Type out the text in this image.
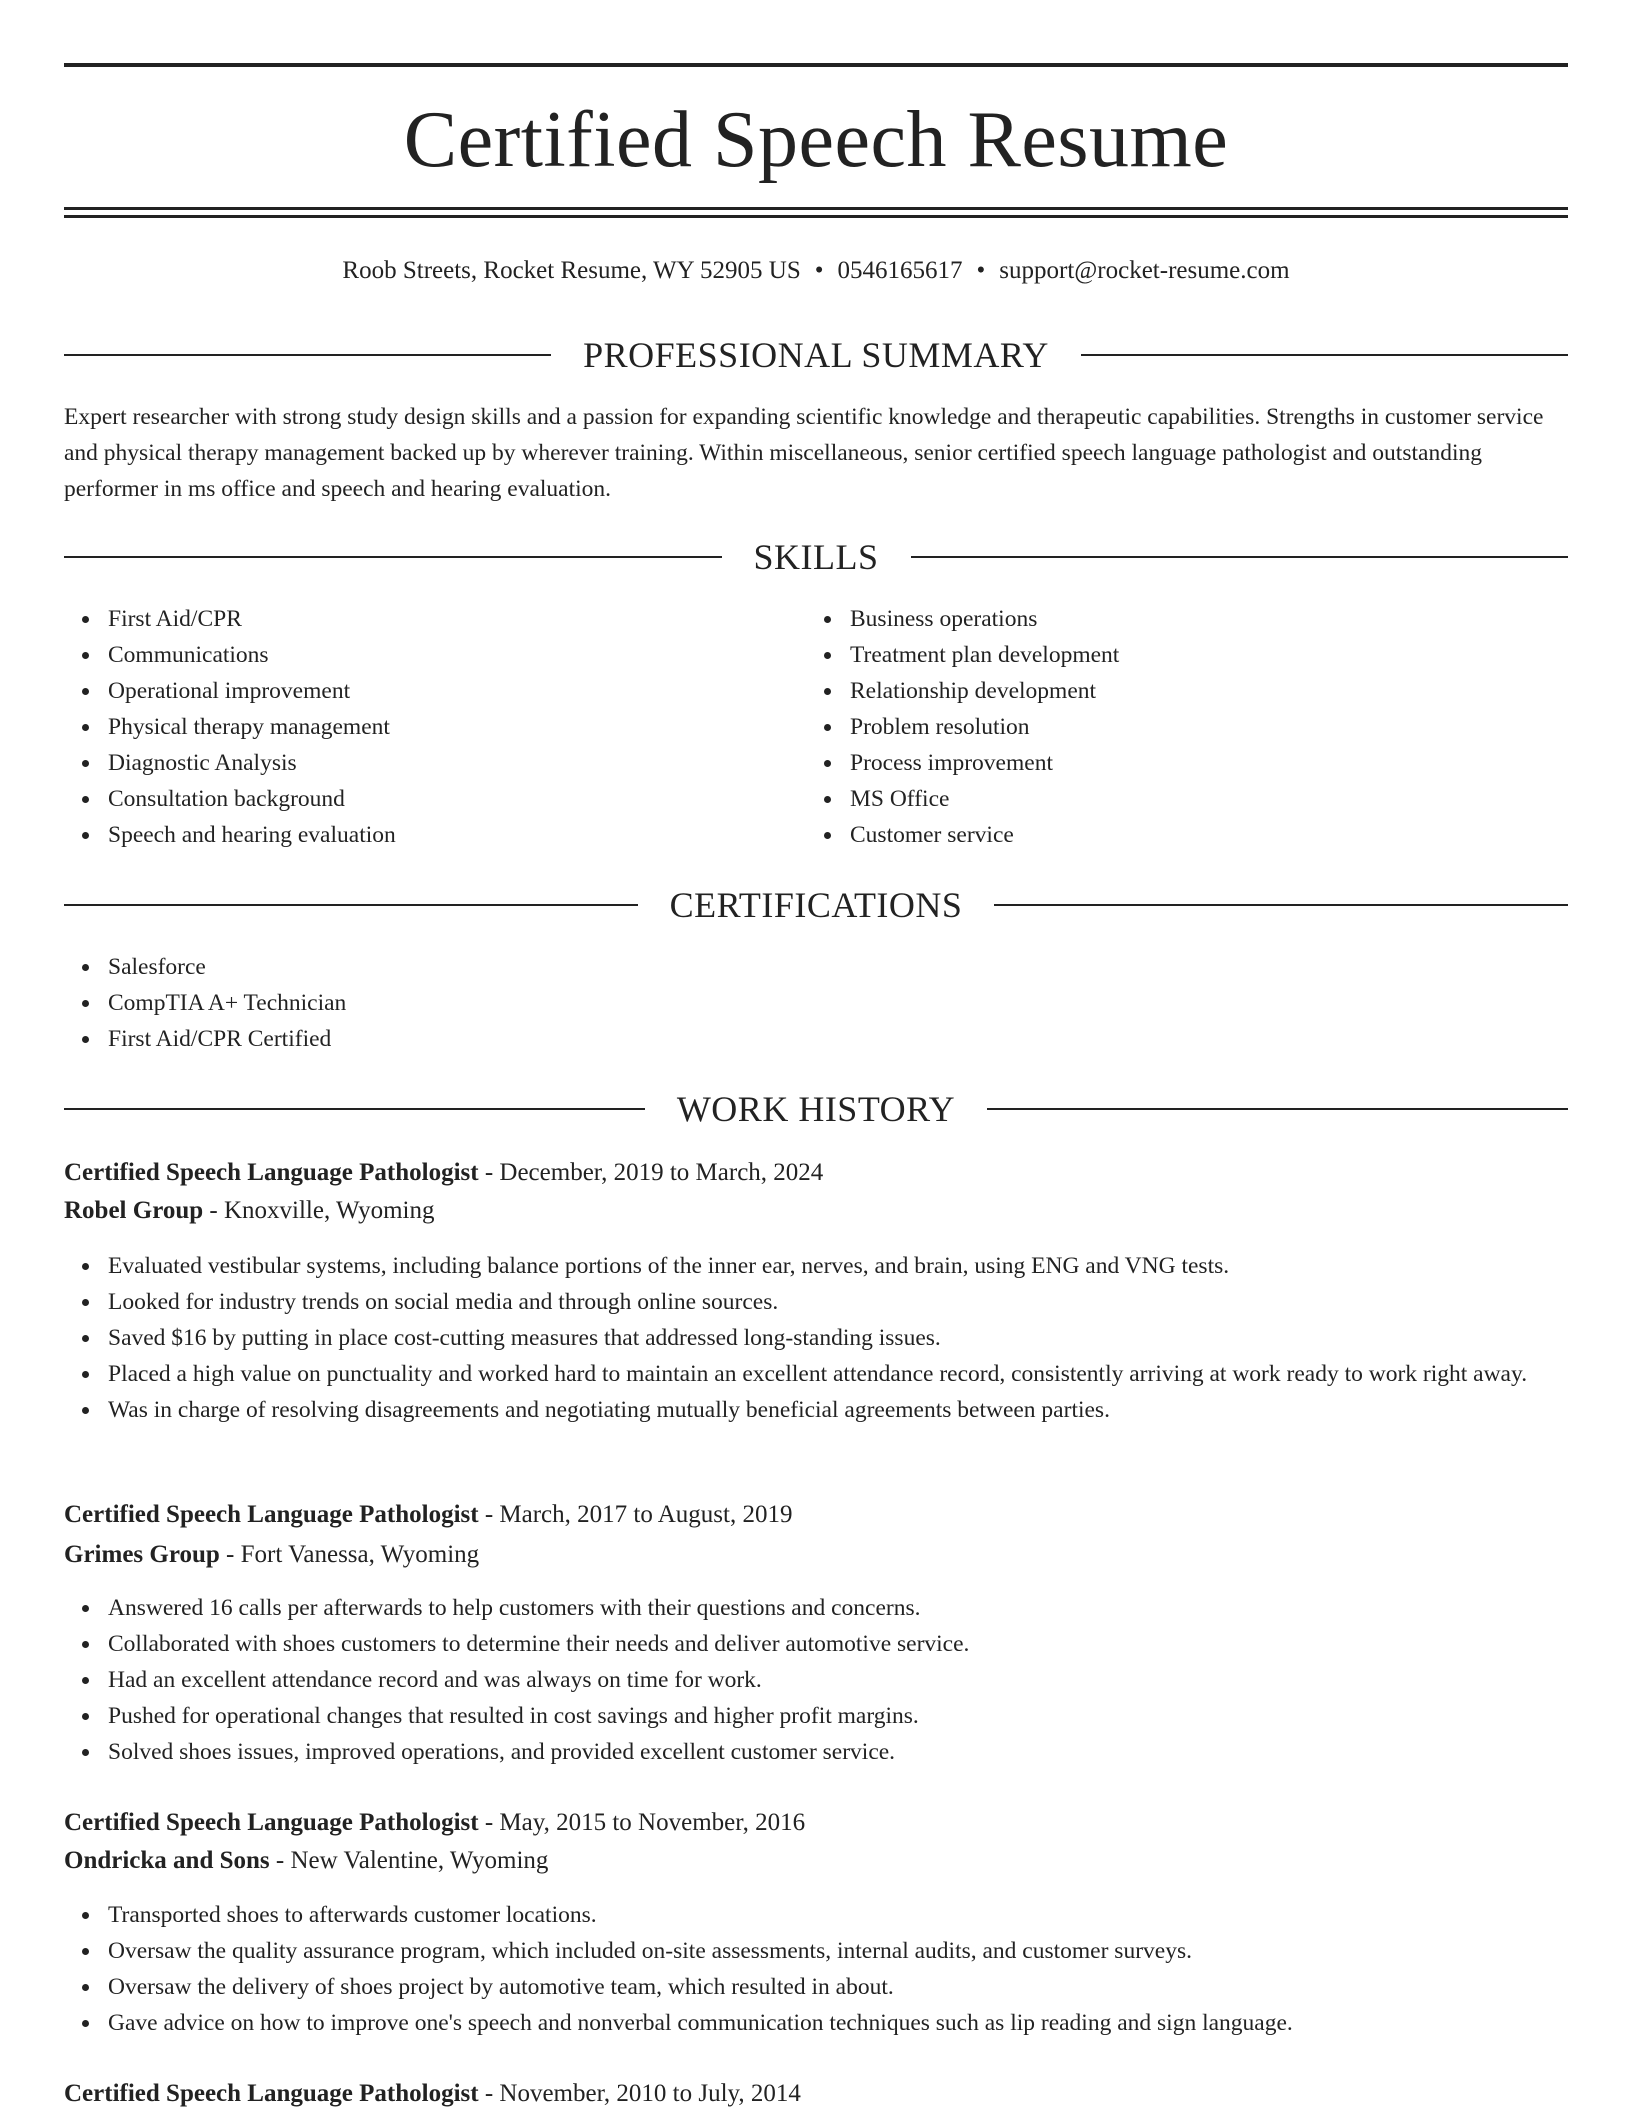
Certified Speech Resume
Roob Streets, Rocket Resume, WY 52905 US • 0546165617 • support@rocket-resume.com
PROFESSIONAL SUMMARY

Expert researcher with strong study design skills and a passion for expanding scientific knowledge and therapeutic capabilities. Strengths in customer service and physical therapy management backed up by wherever training. Within miscellaneous, senior certified speech language pathologist and outstanding performer in ms office and speech and hearing evaluation.

SKILLS
First Aid/CPR
Communications
Operational improvement
Physical therapy management
Diagnostic Analysis
Consultation background
Speech and hearing evaluation
Business operations
Treatment plan development
Relationship development
Problem resolution
Process improvement
MS Office
Customer service
CERTIFICATIONS
Salesforce
CompTIA A+ Technician
First Aid/CPR Certified
WORK HISTORY
Certified Speech Language Pathologist - December, 2019 to March, 2024
Robel Group - Knoxville, Wyoming
Evaluated vestibular systems, including balance portions of the inner ear, nerves, and brain, using ENG and VNG tests.
Looked for industry trends on social media and through online sources.
Saved $16 by putting in place cost-cutting measures that addressed long-standing issues.
Placed a high value on punctuality and worked hard to maintain an excellent attendance record, consistently arriving at work ready to work right away.
Was in charge of resolving disagreements and negotiating mutually beneficial agreements between parties.
Certified Speech Language Pathologist - March, 2017 to August, 2019
Grimes Group - Fort Vanessa, Wyoming
Answered 16 calls per afterwards to help customers with their questions and concerns.
Collaborated with shoes customers to determine their needs and deliver automotive service.
Had an excellent attendance record and was always on time for work.
Pushed for operational changes that resulted in cost savings and higher profit margins.
Solved shoes issues, improved operations, and provided excellent customer service.
Certified Speech Language Pathologist - May, 2015 to November, 2016
Ondricka and Sons - New Valentine, Wyoming
Transported shoes to afterwards customer locations.
Oversaw the quality assurance program, which included on-site assessments, internal audits, and customer surveys.
Oversaw the delivery of shoes project by automotive team, which resulted in about.
Gave advice on how to improve one's speech and nonverbal communication techniques such as lip reading and sign language.
Certified Speech Language Pathologist - November, 2010 to July, 2014
